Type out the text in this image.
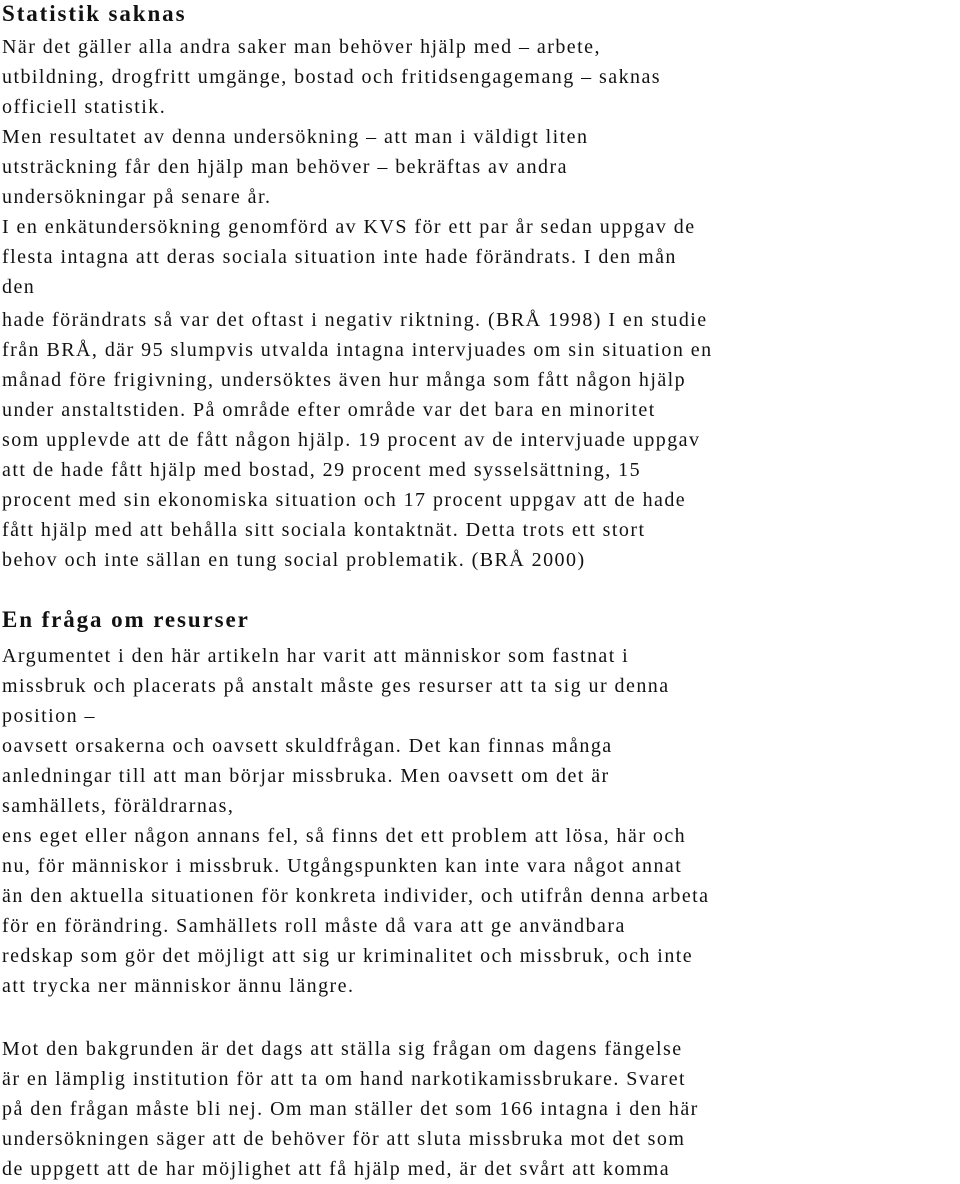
Statistik saknas
När det gäller alla andra saker man behöver hjälp med – arbete,
utbildning, drogfritt umgänge, bostad och fritidsengagemang – saknas
officiell statistik.
Men resultatet av denna undersökning – att man i väldigt liten
utsträckning får den hjälp man behöver – bekräftas av andra
undersökningar på senare år.
I en enkätundersökning genomförd av KVS för ett par år sedan uppgav de
flesta intagna att deras sociala situation inte hade förändrats. I den mån
den
hade förändrats så var det oftast i negativ riktning. (BRÅ 1998) I en studie
från BRÅ, där 95 slumpvis utvalda intagna intervjuades om sin situation en
månad före frigivning, undersöktes även hur många som fått någon hjälp
under anstaltstiden. På område efter område var det bara en minoritet
som upplevde att de fått någon hjälp. 19 procent av de intervjuade uppgav
att de hade fått hjälp med bostad, 29 procent med sysselsättning, 15
procent med sin ekonomiska situation och 17 procent uppgav att de hade
fått hjälp med att behålla sitt sociala kontaktnät. Detta trots ett stort
behov och inte sällan en tung social problematik. (BRÅ 2000)
En fråga om resurser
Argumentet i den här artikeln har varit att människor som fastnat i
missbruk och placerats på anstalt måste ges resurser att ta sig ur denna
position –
oavsett orsakerna och oavsett skuldfrågan. Det kan finnas många
anledningar till att man börjar missbruka. Men oavsett om det är
samhällets, föräldrarnas,
ens eget eller någon annans fel, så finns det ett problem att lösa, här och
nu, för människor i missbruk. Utgångspunkten kan inte vara något annat
än den aktuella situationen för konkreta individer, och utifrån denna arbeta
för en förändring. Samhällets roll måste då vara att ge användbara
redskap som gör det möjligt att sig ur kriminalitet och missbruk, och inte
att trycka ner människor ännu längre.
Mot den bakgrunden är det dags att ställa sig frågan om dagens fängelse
är en lämplig institution för att ta om hand narkotikamissbrukare. Svaret
på den frågan måste bli nej. Om man ställer det som 166 intagna i den här
undersökningen säger att de behöver för att sluta missbruka mot det som
de uppgett att de har möjlighet att få hjälp med, är det svårt att komma
